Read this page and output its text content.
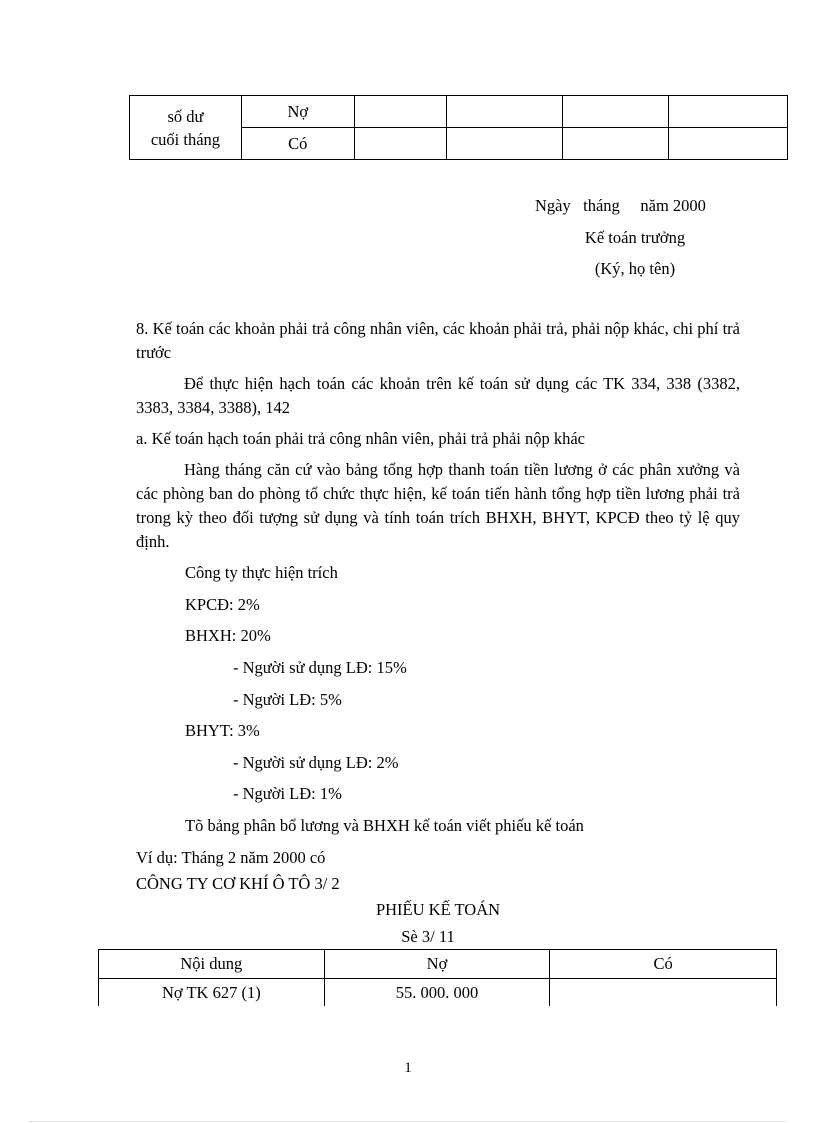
số dư
cuối tháng	Nợ				
	Có				
Ngày   tháng     năm 2000
Kế toán trưởng
(Ký, họ tên)
8. Kế toán các khoản phải trả công nhân viên, các khoản phải trả, phải nộp khác, chi phí trả trước
Để thực hiện hạch toán các khoản trên kế toán sử dụng các TK 334, 338 (3382, 3383, 3384, 3388), 142
a. Kế toán hạch toán phải trả công nhân viên, phải trả phải nộp khác
Hàng tháng căn cứ vào bảng tổng hợp thanh toán tiền lương ở các phân xưởng và các phòng ban do phòng tổ chức thực hiện, kế toán tiến hành tổng hợp tiền lương phải trả trong kỳ theo đối tượng sử dụng và tính toán trích BHXH, BHYT, KPCĐ theo tỷ lệ quy định.
Công ty thực hiện trích
KPCĐ: 2%
BHXH: 20%
- Người sử dụng LĐ: 15%
- Người LĐ: 5%
BHYT: 3%
- Người sử dụng LĐ: 2%
- Người LĐ: 1%
Tõ bảng phân bổ lương và BHXH kế toán viết phiếu kế toán
Ví dụ: Tháng 2 năm 2000 có
CÔNG TY CƠ KHÍ Ô TÔ 3/ 2
PHIẾU KẾ TOÁN
Sè 3/ 11
Nội dung	Nợ	Có
Nợ TK 627 (1)	55. 000. 000	
1
